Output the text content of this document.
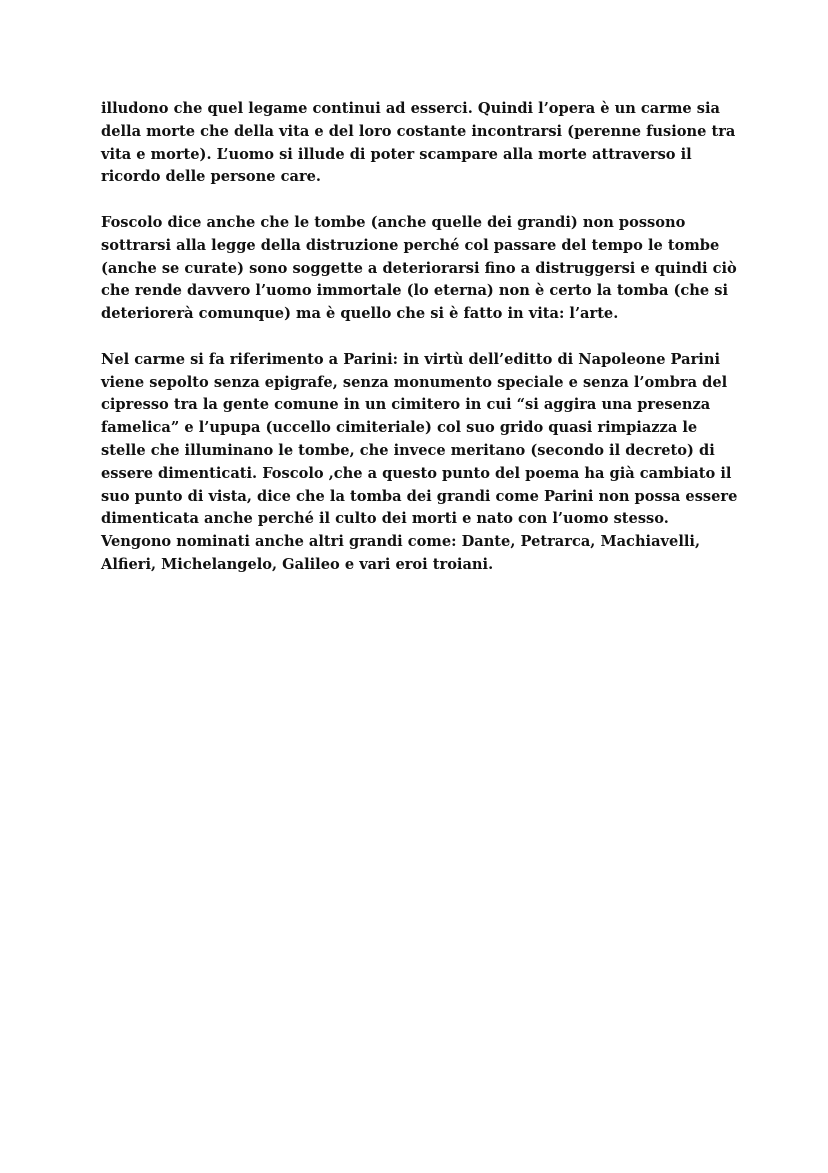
illudono che quel legame continui ad esserci. Quindi l’opera è un carme sia della morte che della vita e del loro costante incontrarsi (perenne fusione tra vita e morte). L’uomo si illude di poter scampare alla morte attraverso il ricordo delle persone care.

Foscolo dice anche che le tombe (anche quelle dei grandi) non possono sottrarsi alla legge della distruzione perché col passare del tempo le tombe (anche se curate) sono soggette a deteriorarsi fino a distruggersi e quindi ciò che rende davvero l’uomo immortale (lo eterna) non è certo la tomba (che si deteriorerà comunque) ma è quello che si è fatto in vita: l’arte.

Nel carme si fa riferimento a Parini: in virtù dell’editto di Napoleone Parini viene sepolto senza epigrafe, senza monumento speciale e senza l’ombra del cipresso tra la gente comune in un cimitero in cui “si aggira una presenza famelica” e l’upupa (uccello cimiteriale) col suo grido quasi rimpiazza le stelle che illuminano le tombe, che invece meritano (secondo il decreto) di essere dimenticati. Foscolo ,che a questo punto del poema ha già cambiato il suo punto di vista, dice che la tomba dei grandi come Parini non possa essere dimenticata anche perché il culto dei morti e nato con l’uomo stesso. Vengono nominati anche altri grandi come: Dante, Petrarca, Machiavelli, Alfieri, Michelangelo, Galileo e vari eroi troiani.
